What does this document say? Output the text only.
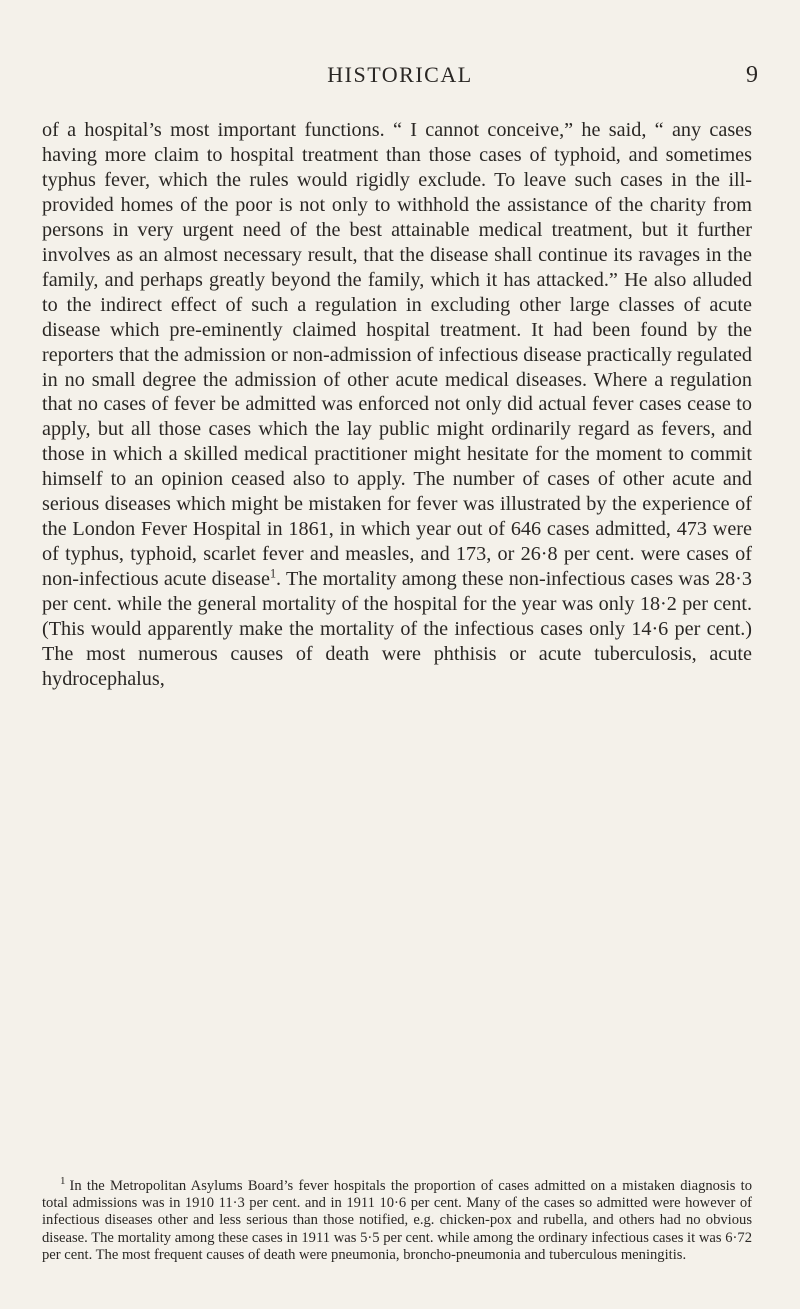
HISTORICAL	9

of a hospital’s most important functions. “ I cannot conceive,” he said, “ any cases having more claim to hospital treatment than those cases of typhoid, and sometimes typhus fever, which the rules would rigidly exclude. To leave such cases in the ill-provided homes of the poor is not only to withhold the assistance of the charity from persons in very urgent need of the best attainable medical treatment, but it further involves as an almost necessary result, that the disease shall continue its ravages in the family, and perhaps greatly beyond the family, which it has attacked.” He also alluded to the indirect effect of such a regulation in excluding other large classes of acute disease which pre-eminently claimed hospital treatment. It had been found by the reporters that the admission or non-admission of infectious disease practically regulated in no small degree the admission of other acute medical diseases. Where a regulation that no cases of fever be admitted was enforced not only did actual fever cases cease to apply, but all those cases which the lay public might ordinarily regard as fevers, and those in which a skilled medical practitioner might hesitate for the moment to commit himself to an opinion ceased also to apply. The number of cases of other acute and serious diseases which might be mistaken for fever was illustrated by the experience of the London Fever Hospital in 1861, in which year out of 646 cases admitted, 473 were of typhus, typhoid, scarlet fever and measles, and 173, or 26·8 per cent. were cases of non-infectious acute disease$^1$. The mortality among these non-infectious cases was 28·3 per cent. while the general mortality of the hospital for the year was only 18·2 per cent. (This would apparently make the mortality of the infectious cases only 14·6 per cent.) The most numerous causes of death were phthisis or acute tuberculosis, acute hydrocephalus,

$^1$ In the Metropolitan Asylums Board’s fever hospitals the proportion of cases admitted on a mistaken diagnosis to total admissions was in 1910 11·3 per cent. and in 1911 10·6 per cent. Many of the cases so admitted were however of infectious diseases other and less serious than those notified, e.g. chicken-pox and rubella, and others had no obvious disease. The mortality among these cases in 1911 was 5·5 per cent. while among the ordinary infectious cases it was 6·72 per cent. The most frequent causes of death were pneumonia, broncho-pneumonia and tuberculous meningitis.
